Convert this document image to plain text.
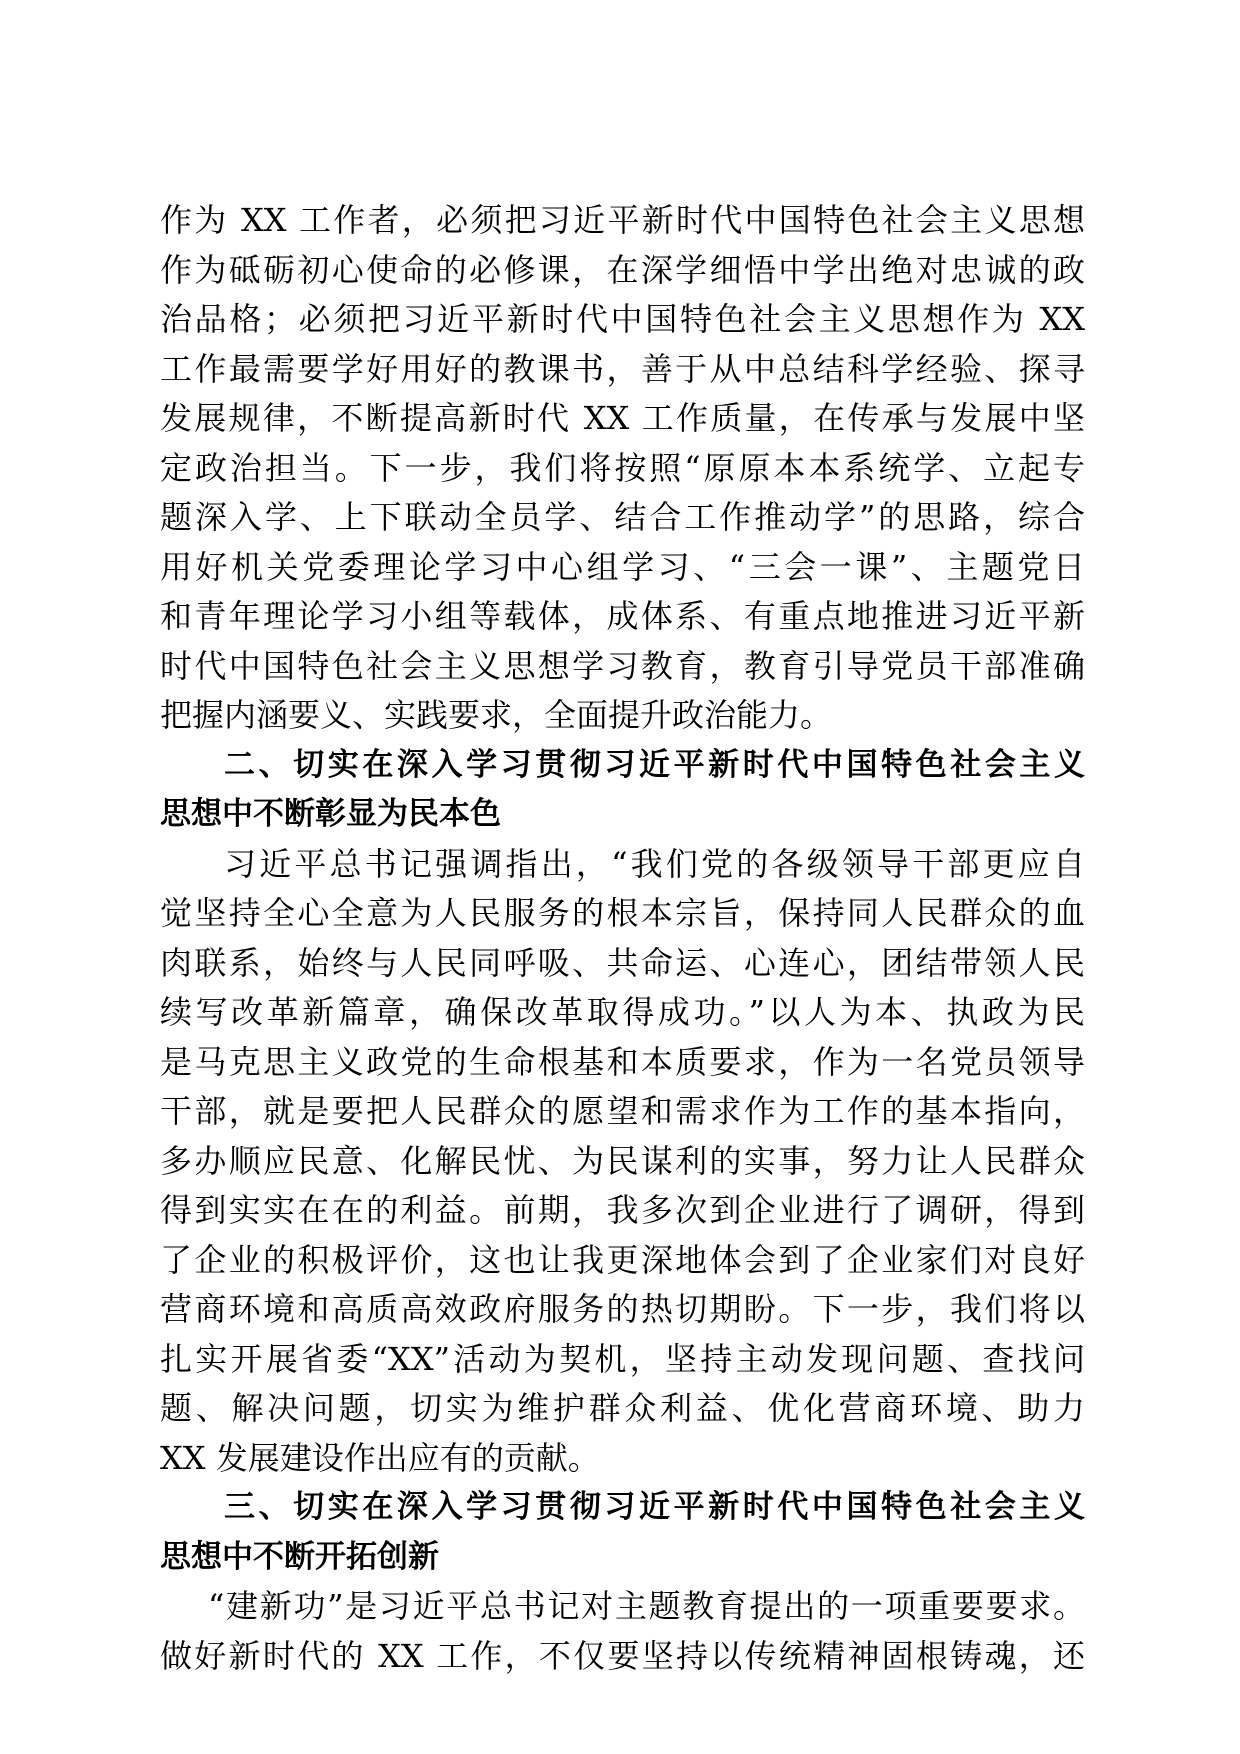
作为 XX 工作者，必须把习近平新时代中国特色社会主义思想
作为砥砺初心使命的必修课，在深学细悟中学出绝对忠诚的政
治品格；必须把习近平新时代中国特色社会主义思想作为 XX
工作最需要学好用好的教课书，善于从中总结科学经验、探寻
发展规律，不断提高新时代 XX 工作质量，在传承与发展中坚
定政治担当。下一步，我们将按照“原原本本系统学、立起专
题深入学、上下联动全员学、结合工作推动学”的思路，综合
用好机关党委理论学习中心组学习、“三会一课”、主题党日
和青年理论学习小组等载体，成体系、有重点地推进习近平新
时代中国特色社会主义思想学习教育，教育引导党员干部准确
把握内涵要义、实践要求，全面提升政治能力。
二、切实在深入学习贯彻习近平新时代中国特色社会主义
思想中不断彰显为民本色
习近平总书记强调指出，“我们党的各级领导干部更应自
觉坚持全心全意为人民服务的根本宗旨，保持同人民群众的血
肉联系，始终与人民同呼吸、共命运、心连心，团结带领人民
续写改革新篇章，确保改革取得成功。”以人为本、执政为民
是马克思主义政党的生命根基和本质要求，作为一名党员领导
干部，就是要把人民群众的愿望和需求作为工作的基本指向，
多办顺应民意、化解民忧、为民谋利的实事，努力让人民群众
得到实实在在的利益。前期，我多次到企业进行了调研，得到
了企业的积极评价，这也让我更深地体会到了企业家们对良好
营商环境和高质高效政府服务的热切期盼。下一步，我们将以
扎实开展省委“XX”活动为契机，坚持主动发现问题、查找问
题、解决问题，切实为维护群众利益、优化营商环境、助力
XX 发展建设作出应有的贡献。
三、切实在深入学习贯彻习近平新时代中国特色社会主义
思想中不断开拓创新
“建新功”是习近平总书记对主题教育提出的一项重要要求。
做好新时代的 XX 工作，不仅要坚持以传统精神固根铸魂，还
